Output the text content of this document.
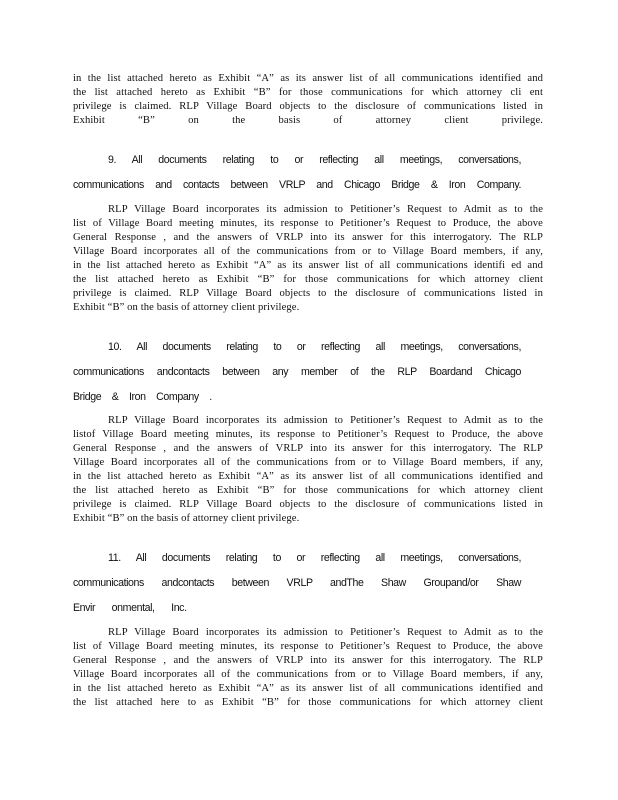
in the list attached hereto as Exhibit “A” as its answer list of all communications identified and
the list attached hereto as Exhibit “B” for those communications for which attorney cli ent
privilege is claimed. RLP Village Board objects to the disclosure of communications listed in
Exhibit “B” on the basis of attorney client privilege.
9. All documents relating to or reflecting all meetings, conversations,
communications and contacts between VRLP and Chicago Bridge & Iron Company.
RLP Village Board incorporates its admission to Petitioner’s Request to Admit as to the
list of Village Board meeting minutes, its response to Petitioner’s Request to Produce, the above
General Response , and the answers of VRLP into its answer for this interrogatory. The RLP
Village Board incorporates all of the communications from or to Village Board members, if any,
in the list attached hereto as Exhibit “A” as its answer list of all communications identifi ed and
the list attached hereto as Exhibit “B” for those communications for which attorney client
privilege is claimed. RLP Village Board objects to the disclosure of communications listed in
Exhibit “B” on the basis of attorney client privilege.
10. All documents relating to or reflecting all meetings, conversations,
communications andcontacts between any member of the RLP Boardand Chicago
Bridge & Iron Company .
RLP Village Board incorporates its admission to Petitioner’s Request to Admit as to the
listof Village Board meeting minutes, its response to Petitioner’s Request to Produce, the above
General Response , and the answers of VRLP into its answer for this interrogatory. The RLP
Village Board incorporates all of the communications from or to Village Board members, if any,
in the list attached hereto as Exhibit “A” as its answer list of all communications identified and
the list attached hereto as Exhibit “B” for those communications for which attorney client
privilege is claimed. RLP Village Board objects to the disclosure of communications listed in
Exhibit “B” on the basis of attorney client privilege.
11. All documents relating to or reflecting all meetings, conversations,
communications andcontacts between VRLP andThe Shaw Groupand/or Shaw
Envir onmental, Inc.
RLP Village Board incorporates its admission to Petitioner’s Request to Admit as to the
list of Village Board meeting minutes, its response to Petitioner’s Request to Produce, the above
General Response , and the answers of VRLP into its answer for this interrogatory. The RLP
Village Board incorporates all of the communications from or to Village Board members, if any,
in the list attached hereto as Exhibit “A” as its answer list of all communications identified and
the list attached here to as Exhibit “B” for those communications for which attorney client
